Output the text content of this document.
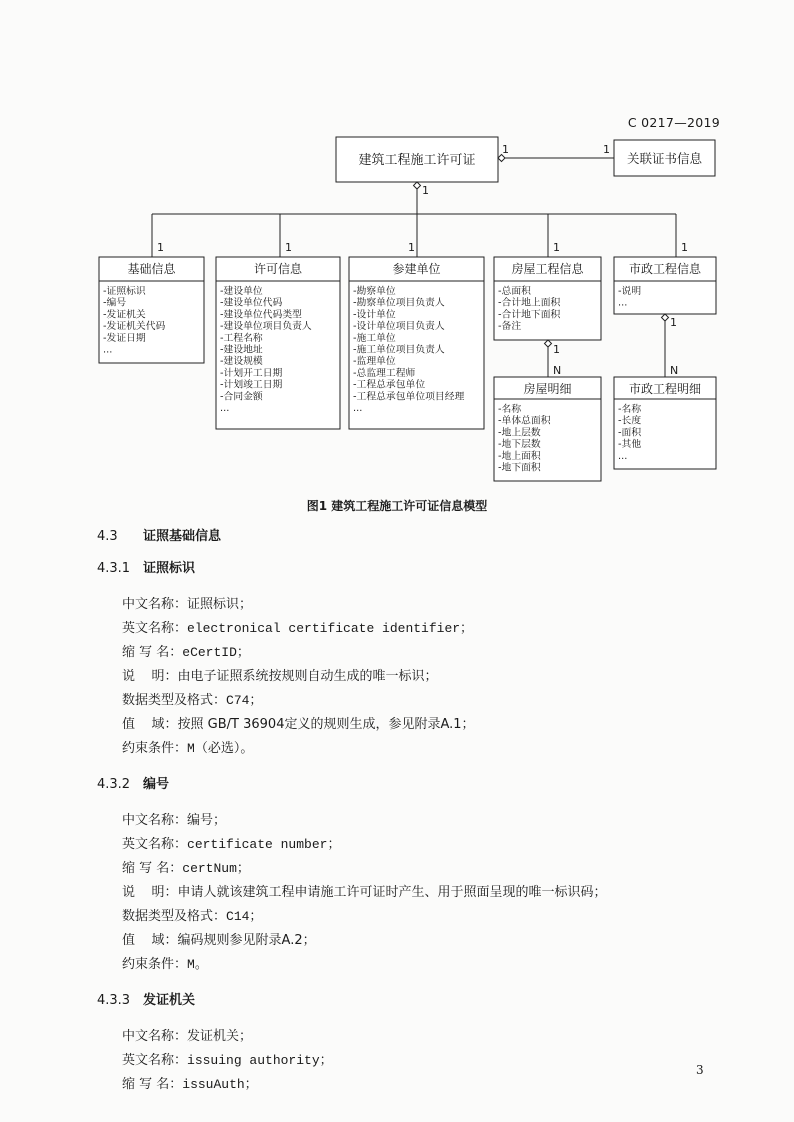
C 0217—2019
建筑工程施工许可证	关联证书信息
1	1
1
1	1	1	1	1
1
N
1
N
基础信息	许可信息	参建单位	房屋工程信息	市政工程信息
房屋明细	市政工程明细
-证照标识
-编号
-发证机关
-发证机关代码
-发证日期
...
-建设单位
-建设单位代码
-建设单位代码类型
-建设单位项目负责人
-工程名称
-建设地址
-建设规模
-计划开工日期
-计划竣工日期
-合同金额
...
-勘察单位
-勘察单位项目负责人
-设计单位
-设计单位项目负责人
-施工单位
-施工单位项目负责人
-监理单位
-总监理工程师
-工程总承包单位
-工程总承包单位项目经理
...
-总面积
-合计地上面积
-合计地下面积
-备注
-说明
...
-名称
-单体总面积
-地上层数
-地下层数
-地上面积
-地下面积
-名称
-长度
-面积
-其他
...
图1 建筑工程施工许可证信息模型
4.3 证照基础信息
4.3.1 证照标识
中文名称：证照标识；
英文名称：electronical certificate identifier；
缩 写 名：eCertID；
说    明：由电子证照系统按规则自动生成的唯一标识；
数据类型及格式：C74；
值    域：按照 GB/T 36904定义的规则生成，参见附录A.1；
约束条件：M（必选）。
4.3.2 编号
中文名称：编号；
英文名称：certificate number；
缩 写 名：certNum；
说    明：申请人就该建筑工程申请施工许可证时产生、用于照面呈现的唯一标识码；
数据类型及格式：C14；
值    域：编码规则参见附录A.2；
约束条件：M。
4.3.3 发证机关
中文名称：发证机关；
英文名称：issuing authority；
缩 写 名：issuAuth；
3
